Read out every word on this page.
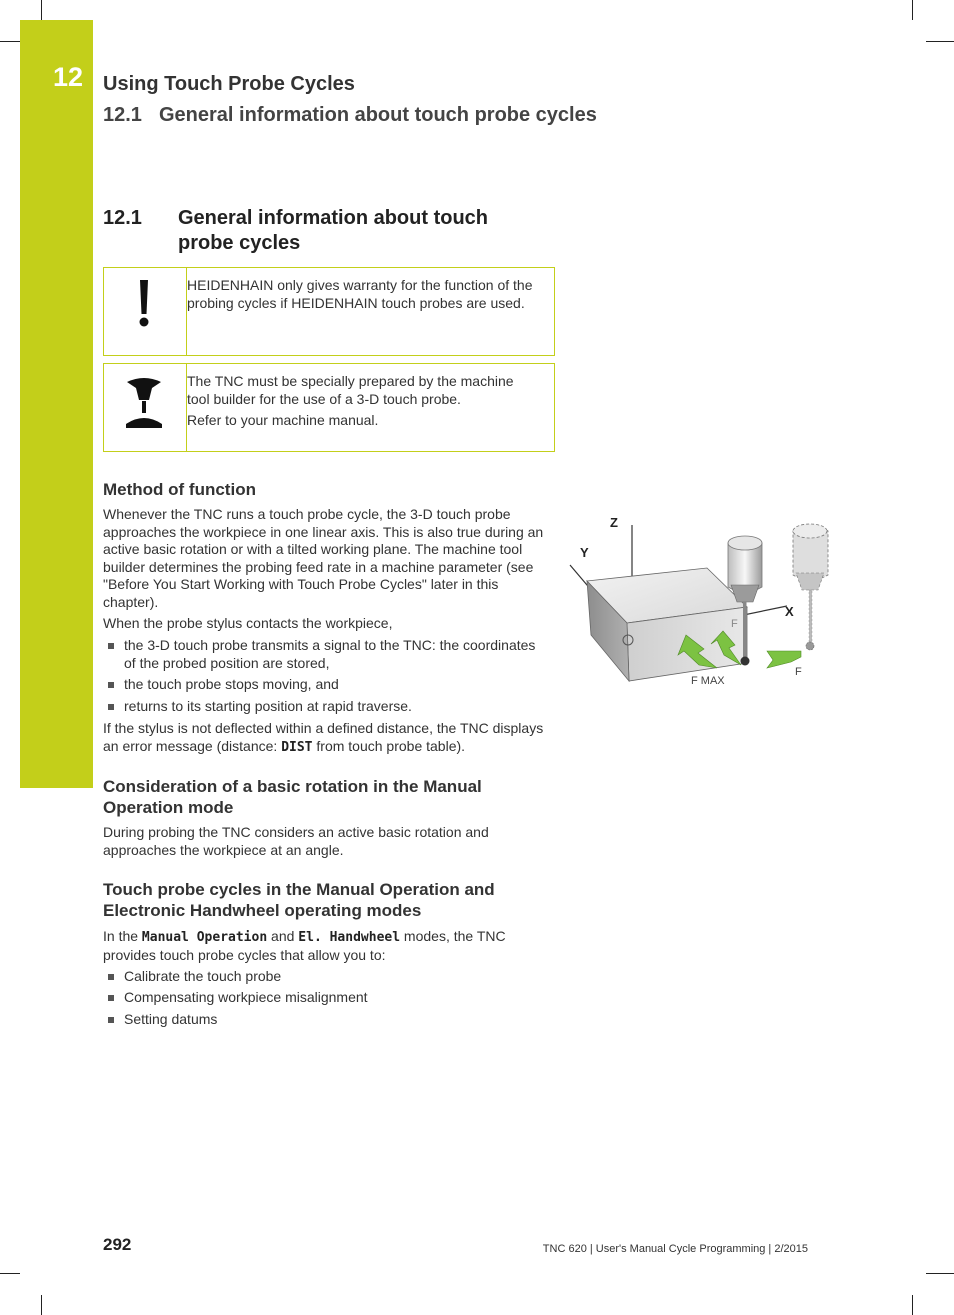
12 Using Touch Probe Cycles
12.1 General information about touch probe cycles
12.1 General information about touch probe cycles

HEIDENHAIN only gives warranty for the function of the probing cycles if HEIDENHAIN touch probes are used.

The TNC must be specially prepared by the machine tool builder for the use of a 3-D touch probe.

Refer to your machine manual.

Method of function

Whenever the TNC runs a touch probe cycle, the 3-D touch probe approaches the workpiece in one linear axis. This is also true during an active basic rotation or with a tilted working plane. The machine tool builder determines the probing feed rate in a machine parameter (see "Before You Start Working with Touch Probe Cycles" later in this chapter).

When the probe stylus contacts the workpiece,

the 3-D touch probe transmits a signal to the TNC: the coordinates of the probed position are stored,
the touch probe stops moving, and
returns to its starting position at rapid traverse.

If the stylus is not deflected within a defined distance, the TNC displays an error message (distance: DIST from touch probe table).

Consideration of a basic rotation in the Manual Operation mode

During probing the TNC considers an active basic rotation and approaches the workpiece at an angle.

Touch probe cycles in the Manual Operation and Electronic Handwheel operating modes

In the Manual Operation and El. Handwheel modes, the TNC provides touch probe cycles that allow you to:

Calibrate the touch probe
Compensating workpiece misalignment
Setting datums
Z
Y
X
F
F MAX
F
292	TNC 620 | User's Manual Cycle Programming | 2/2015
